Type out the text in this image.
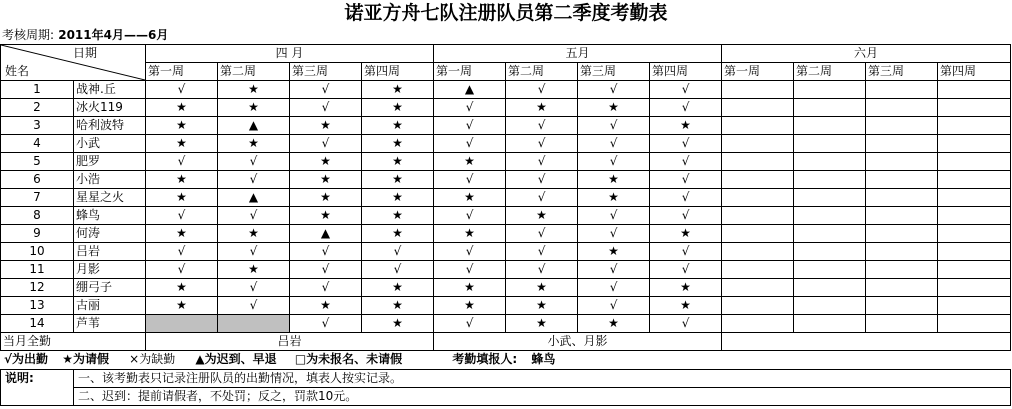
诺亚方舟七队注册队员第二季度考勤表
考核周期: 2011年4月——6月
日期
姓名		四 月				五月				六月			
		第一周	第二周	第三周	第四周	第一周	第二周	第三周	第四周	第一周	第二周	第三周	第四周
1	战神.丘	√	★	√	★	▲	√	√	√				
2	冰火119	★	★	√	★	√	★	★	√				
3	哈利波特	★	▲	★	★	√	√	√	★				
4	小武	★	★	√	★	√	√	√	√				
5	肥罗	√	√	★	★	★	√	√	√				
6	小浩	★	√	★	★	√	√	★	√				
7	星星之火	★	▲	★	★	★	√	★	√				
8	蜂鸟	√	√	★	★	√	★	√	√				
9	何涛	★	★	▲	★	★	√	√	★				
10	吕岩	√	√	√	√	√	√	★	√				
11	月影	√	★	√	√	√	√	√	√				
12	绷弓子	★	√	√	★	★	★	√	★				
13	古丽	★	√	★	★	★	★	√	★				
14	芦苇			√	★	√	★	★	√				
当月全勤		吕岩				小武、月影							
√为出勤 ★为请假 ×为缺勤 ▲为迟到、早退 □为未报名、未请假	考勤填报人: 蜂鸟
说明:	一、该考勤表只记录注册队员的出勤情况，填表人按实记录。
二、迟到：提前请假者，不处罚；反之，罚款10元。
